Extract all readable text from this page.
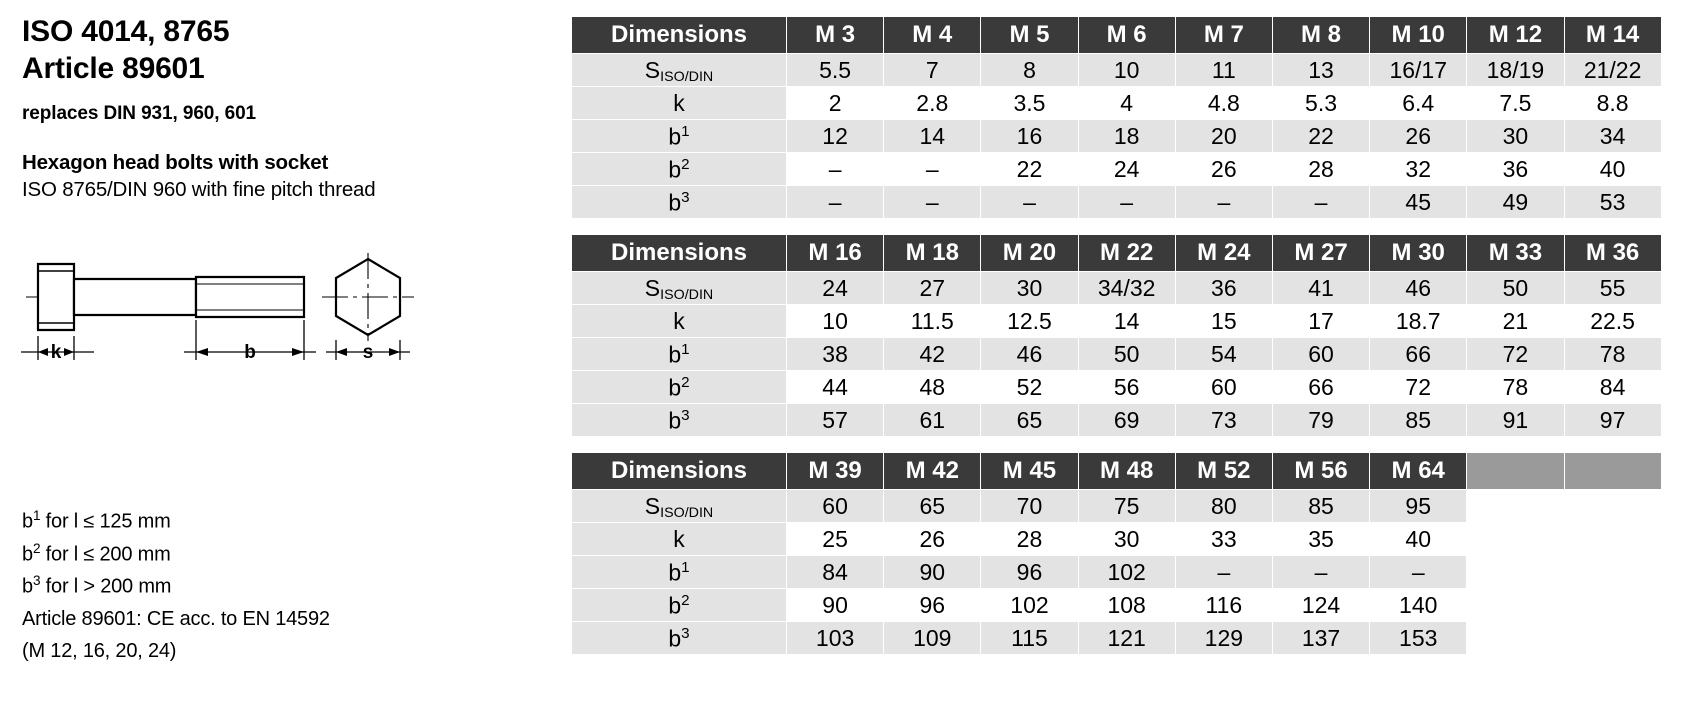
ISO 4014, 8765
Article 89601
replaces DIN 931, 960, 601
Hexagon head bolts with socket
ISO 8765/DIN 960 with fine pitch thread
k	b	s
$b^1$ for l ≤ 125 mm
$b^2$ for l ≤ 200 mm
$b^3$ for l > 200 mm
Article 89601: CE acc. to EN 14592
(M 12, 16, 20, 24)
Dimensions	M 3	M 4	M 5	M 6	M 7	M 8	M 10	M 12	M 14
$S_{ISO/DIN}$	5.5	7	8	10	11	13	16/17	18/19	21/22
k	2	2.8	3.5	4	4.8	5.3	6.4	7.5	8.8
$b^1$	12	14	16	18	20	22	26	30	34
$b^2$	–	–	22	24	26	28	32	36	40
$b^3$	–	–	–	–	–	–	45	49	53
Dimensions	M 16	M 18	M 20	M 22	M 24	M 27	M 30	M 33	M 36
$S_{ISO/DIN}$	24	27	30	34/32	36	41	46	50	55
k	10	11.5	12.5	14	15	17	18.7	21	22.5
$b^1$	38	42	46	50	54	60	66	72	78
$b^2$	44	48	52	56	60	66	72	78	84
$b^3$	57	61	65	69	73	79	85	91	97
Dimensions	M 39	M 42	M 45	M 48	M 52	M 56	M 64		
$S_{ISO/DIN}$	60	65	70	75	80	85	95		
k	25	26	28	30	33	35	40		
$b^1$	84	90	96	102	–	–	–		
$b^2$	90	96	102	108	116	124	140		
$b^3$	103	109	115	121	129	137	153		
